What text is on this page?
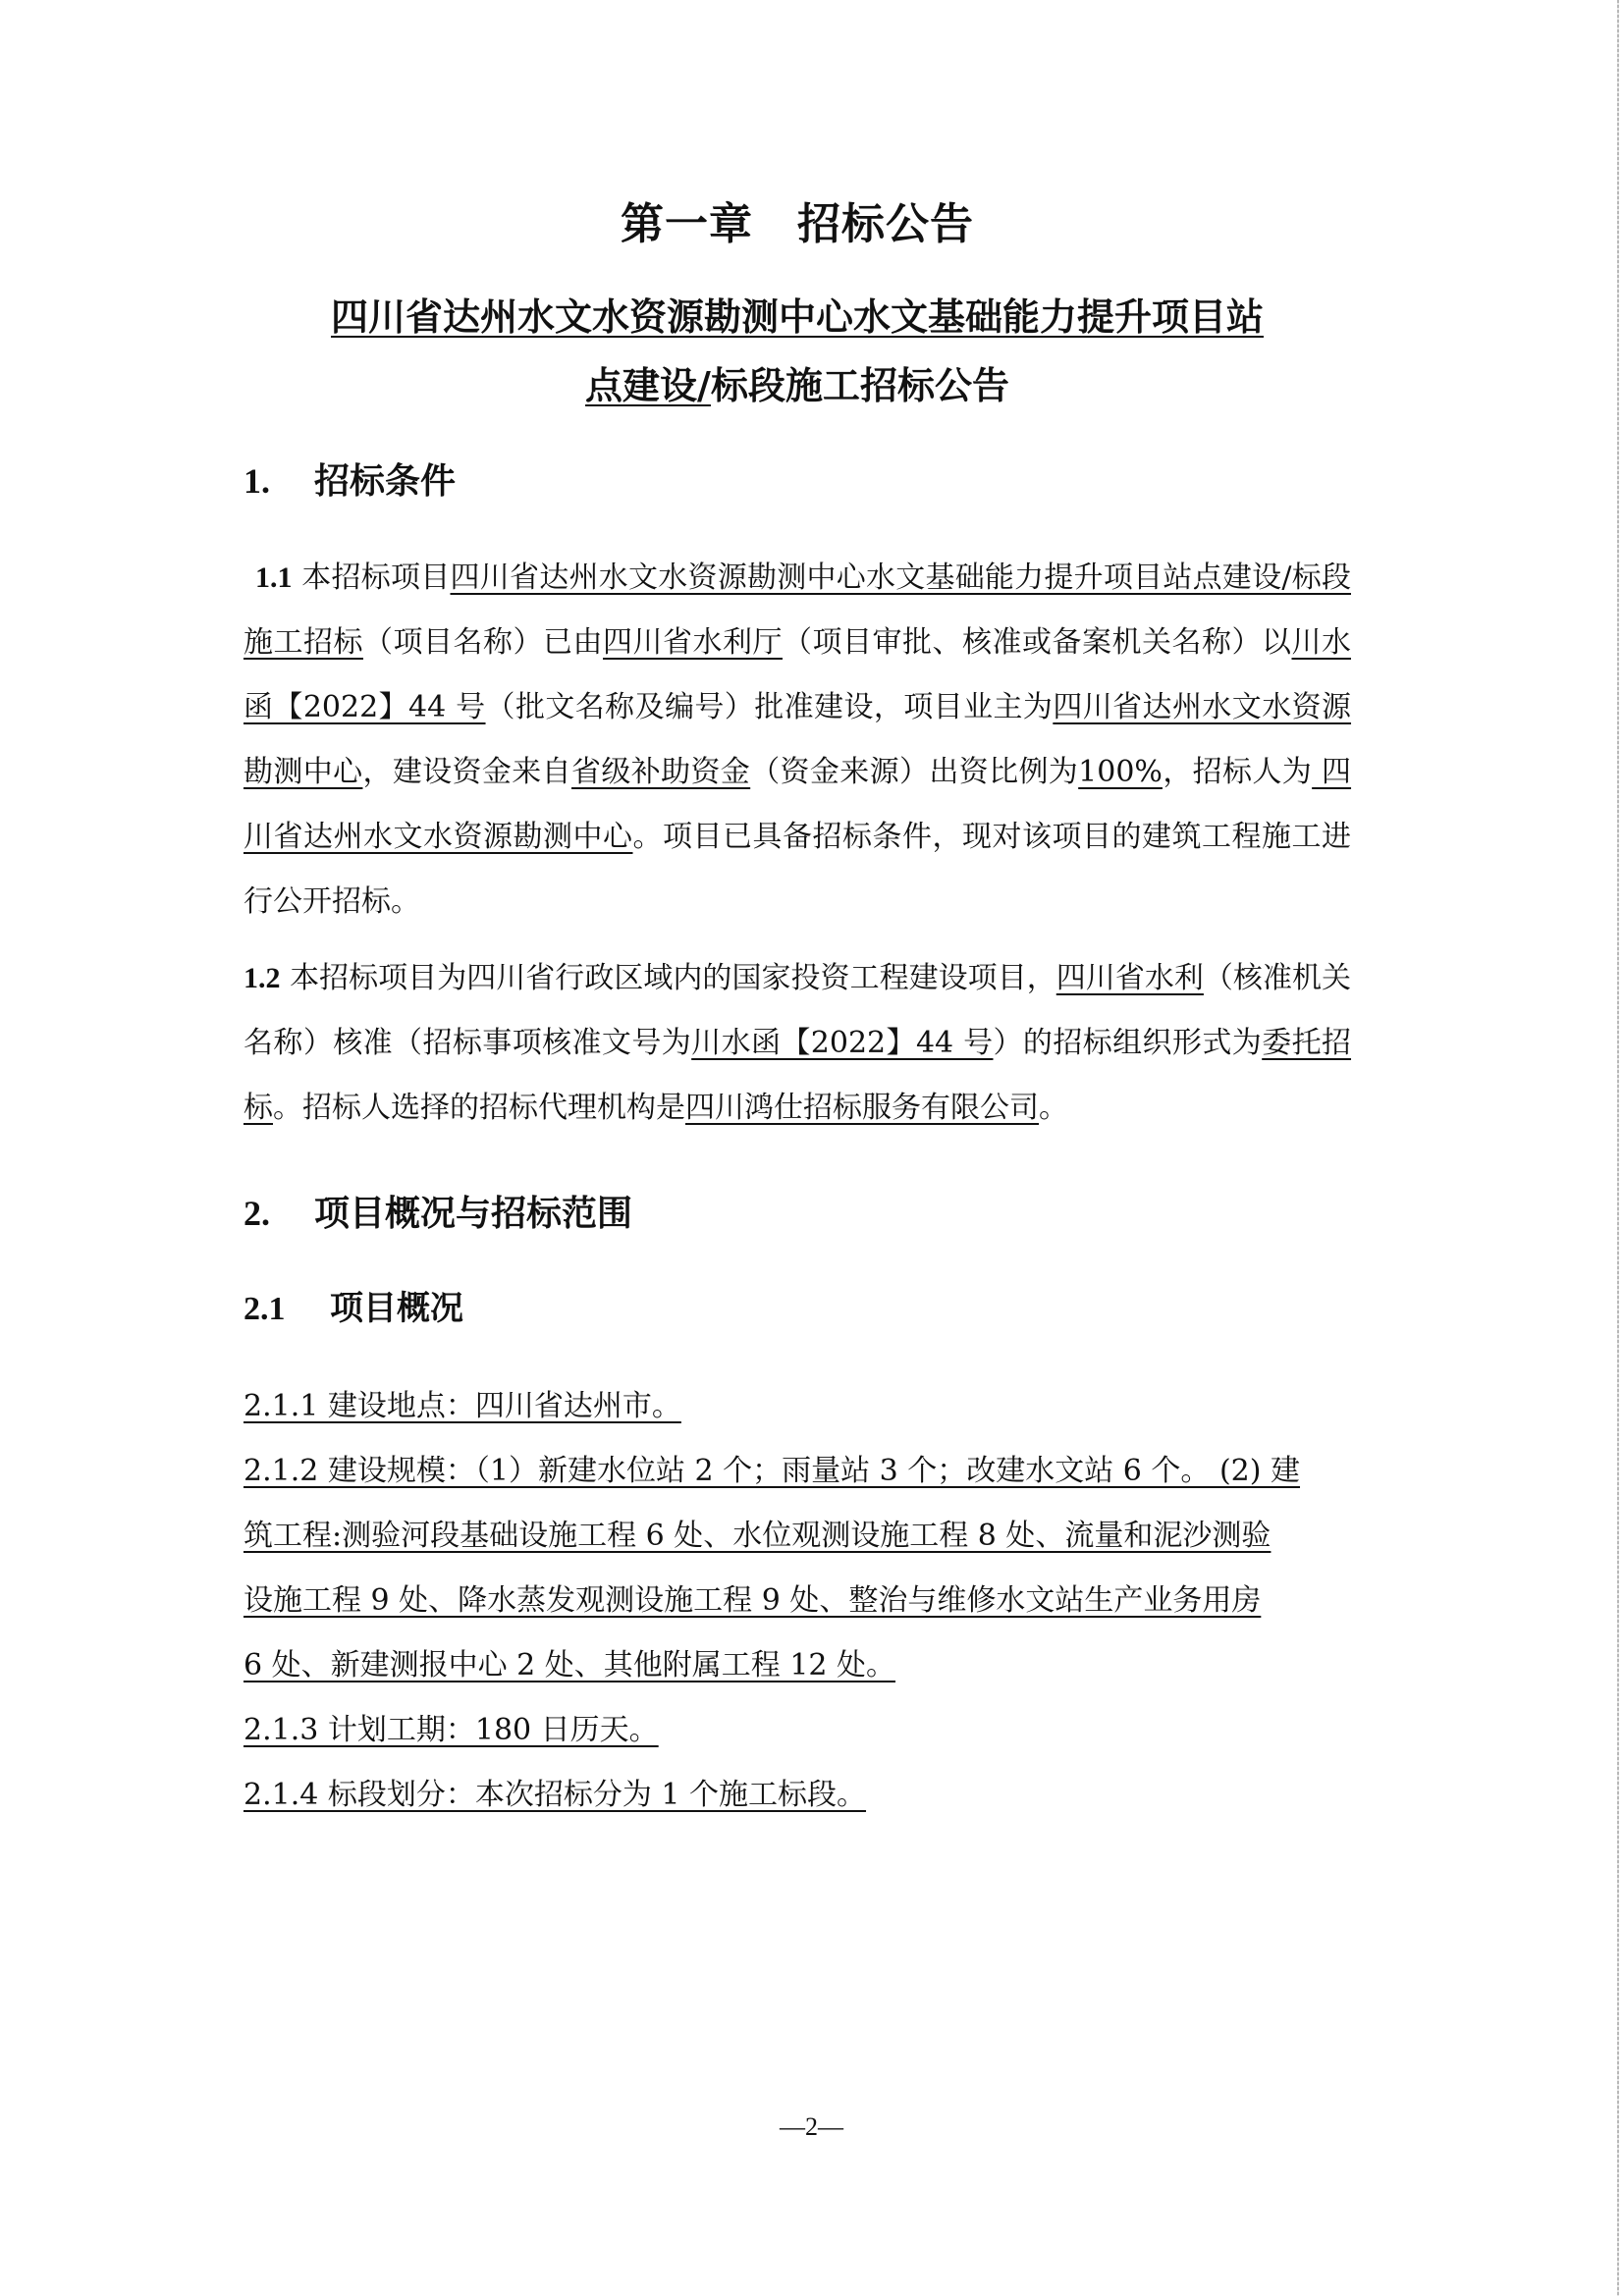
第一章　招标公告
四川省达州水文水资源勘测中心水文基础能力提升项目站
点建设/标段施工招标公告
1. 招标条件
1.1 本招标项目四川省达州水文水资源勘测中心水文基础能力提升项目站点建设/标段施工招标（项目名称）已由四川省水利厅（项目审批、核准或备案机关名称）以川水函【2022】44 号（批文名称及编号）批准建设，项目业主为四川省达州水文水资源勘测中心，建设资金来自省级补助资金（资金来源）出资比例为100%，招标人为 四川省达州水文水资源勘测中心。项目已具备招标条件，现对该项目的建筑工程施工进行公开招标。
1.2 本招标项目为四川省行政区域内的国家投资工程建设项目，四川省水利（核准机关名称）核准（招标事项核准文号为川水函【2022】44 号）的招标组织形式为委托招标。招标人选择的招标代理机构是四川鸿仕招标服务有限公司。
2. 项目概况与招标范围
2.1 项目概况
2.1.1 建设地点：四川省达州市。
2.1.2 建设规模：（1）新建水位站 2 个；雨量站 3 个；改建水文站 6 个。 (2) 建
筑工程:测验河段基础设施工程 6 处、水位观测设施工程 8 处、流量和泥沙测验
设施工程 9 处、降水蒸发观测设施工程 9 处、整治与维修水文站生产业务用房
6 处、新建测报中心 2 处、其他附属工程 12 处。
2.1.3 计划工期：180 日历天。
2.1.4 标段划分：本次招标分为 1 个施工标段。
—2—
